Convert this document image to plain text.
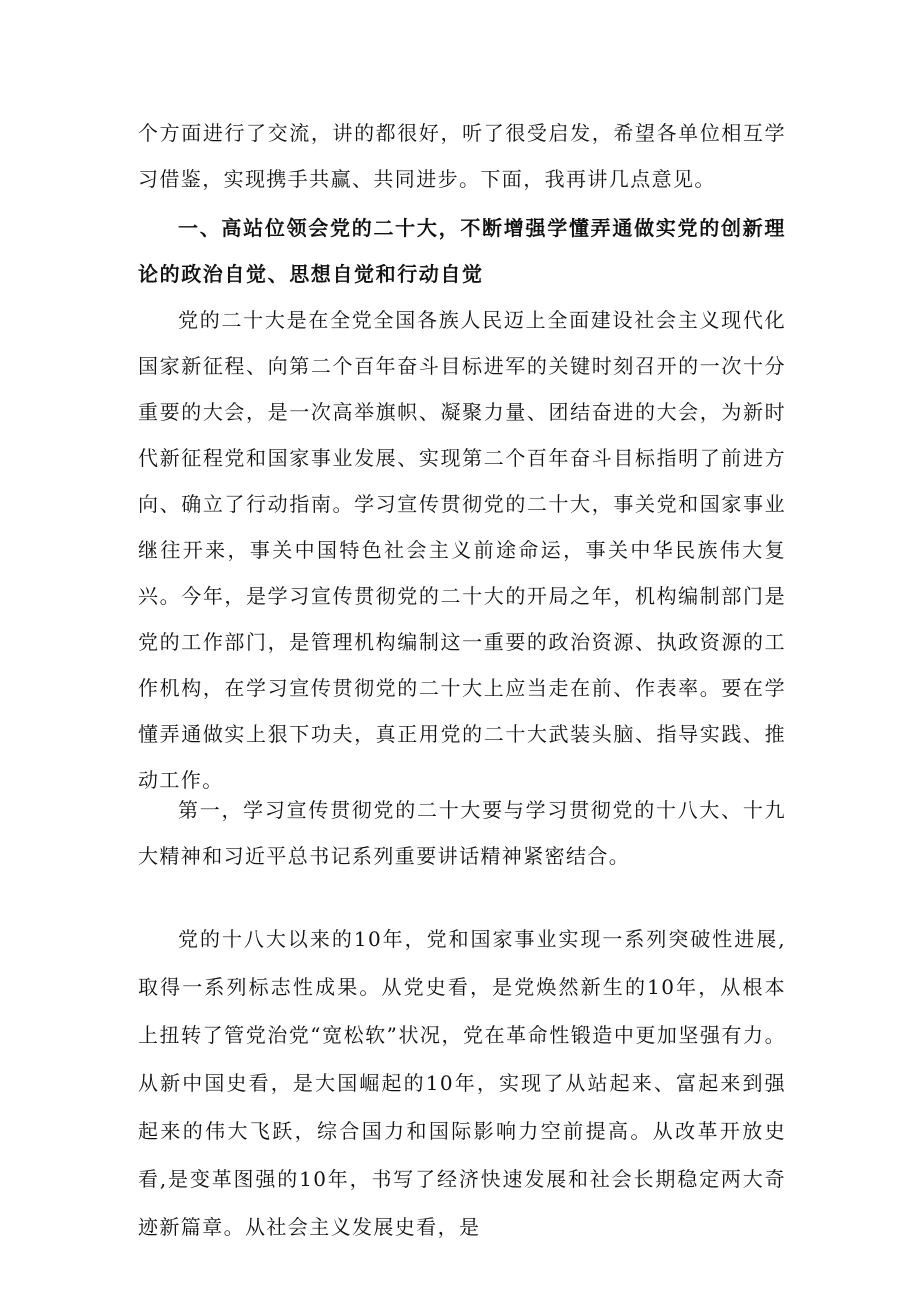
个方面进行了交流，讲的都很好，听了很受启发，希望各单位相互学习借鉴，实现携手共赢、共同进步。下面，我再讲几点意见。

一、高站位领会党的二十大，不断增强学懂弄通做实党的创新理论的政治自觉、思想自觉和行动自觉

党的二十大是在全党全国各族人民迈上全面建设社会主义现代化国家新征程、向第二个百年奋斗目标进军的关键时刻召开的一次十分重要的大会，是一次高举旗帜、凝聚力量、团结奋进的大会，为新时代新征程党和国家事业发展、实现第二个百年奋斗目标指明了前进方向、确立了行动指南。学习宣传贯彻党的二十大，事关党和国家事业继往开来，事关中国特色社会主义前途命运，事关中华民族伟大复兴。今年，是学习宣传贯彻党的二十大的开局之年，机构编制部门是党的工作部门，是管理机构编制这一重要的政治资源、执政资源的工作机构，在学习宣传贯彻党的二十大上应当走在前、作表率。要在学懂弄通做实上狠下功夫，真正用党的二十大武装头脑、指导实践、推动工作。

第一，学习宣传贯彻党的二十大要与学习贯彻党的十八大、十九大精神和习近平总书记系列重要讲话精神紧密结合。

党的十八大以来的10年，党和国家事业实现一系列突破性进展,取得一系列标志性成果。从党史看，是党焕然新生的10年，从根本上扭转了管党治党“宽松软”状况，党在革命性锻造中更加坚强有力。从新中国史看，是大国崛起的10年，实现了从站起来、富起来到强起来的伟大飞跃，综合国力和国际影响力空前提高。从改革开放史看,是变革图强的10年，书写了经济快速发展和社会长期稳定两大奇迹新篇章。从社会主义发展史看，是
